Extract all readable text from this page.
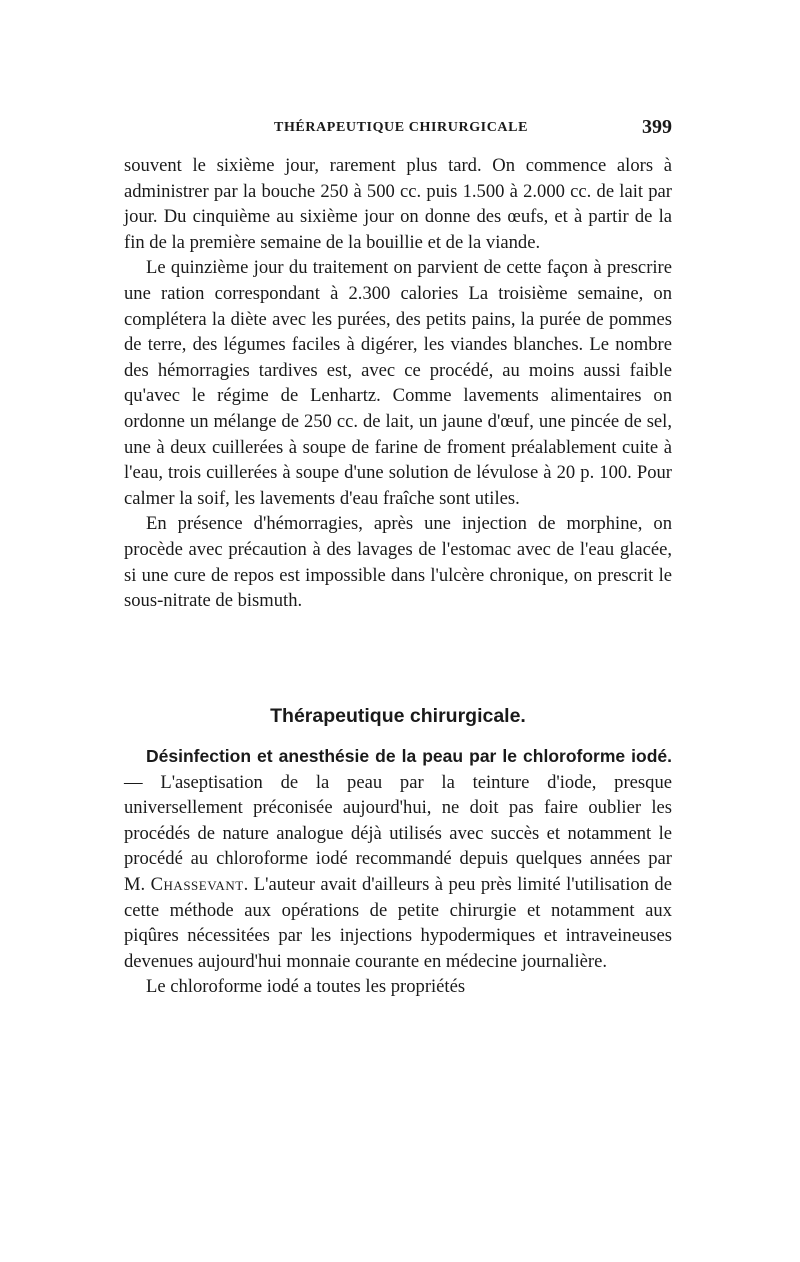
THÉRAPEUTIQUE CHIRURGICALE	399

souvent le sixième jour, rarement plus tard. On commence alors à administrer par la bouche 250 à 500 cc. puis 1.500 à 2.000 cc. de lait par jour. Du cinquième au sixième jour on donne des œufs, et à partir de la fin de la première semaine de la bouillie et de la viande.

Le quinzième jour du traitement on parvient de cette façon à prescrire une ration correspondant à 2.300 calories La troisième semaine, on complétera la diète avec les purées, des petits pains, la purée de pommes de terre, des légumes faciles à digérer, les viandes blanches. Le nombre des hémorragies tardives est, avec ce procédé, au moins aussi faible qu'avec le régime de Lenhartz. Comme lavements alimentaires on ordonne un mélange de 250 cc. de lait, un jaune d'œuf, une pincée de sel, une à deux cuillerées à soupe de farine de froment préalablement cuite à l'eau, trois cuillerées à soupe d'une solution de lévulose à 20 p. 100. Pour calmer la soif, les lavements d'eau fraîche sont utiles.

En présence d'hémorragies, après une injection de morphine, on procède avec précaution à des lavages de l'estomac avec de l'eau glacée, si une cure de repos est impossible dans l'ulcère chronique, on prescrit le sous-nitrate de bismuth.

Thérapeutique chirurgicale.

Désinfection et anesthésie de la peau par le chloroforme iodé. — L'aseptisation de la peau par la teinture d'iode, presque universellement préconisée aujourd'hui, ne doit pas faire oublier les procédés de nature analogue déjà utilisés avec succès et notamment le procédé au chloroforme iodé recommandé depuis quelques années par M. Chassevant. L'auteur avait d'ailleurs à peu près limité l'utilisation de cette méthode aux opérations de petite chirurgie et notamment aux piqûres nécessitées par les injections hypodermiques et intraveineuses devenues aujourd'hui monnaie courante en médecine journalière.

Le chloroforme iodé a toutes les propriétés
